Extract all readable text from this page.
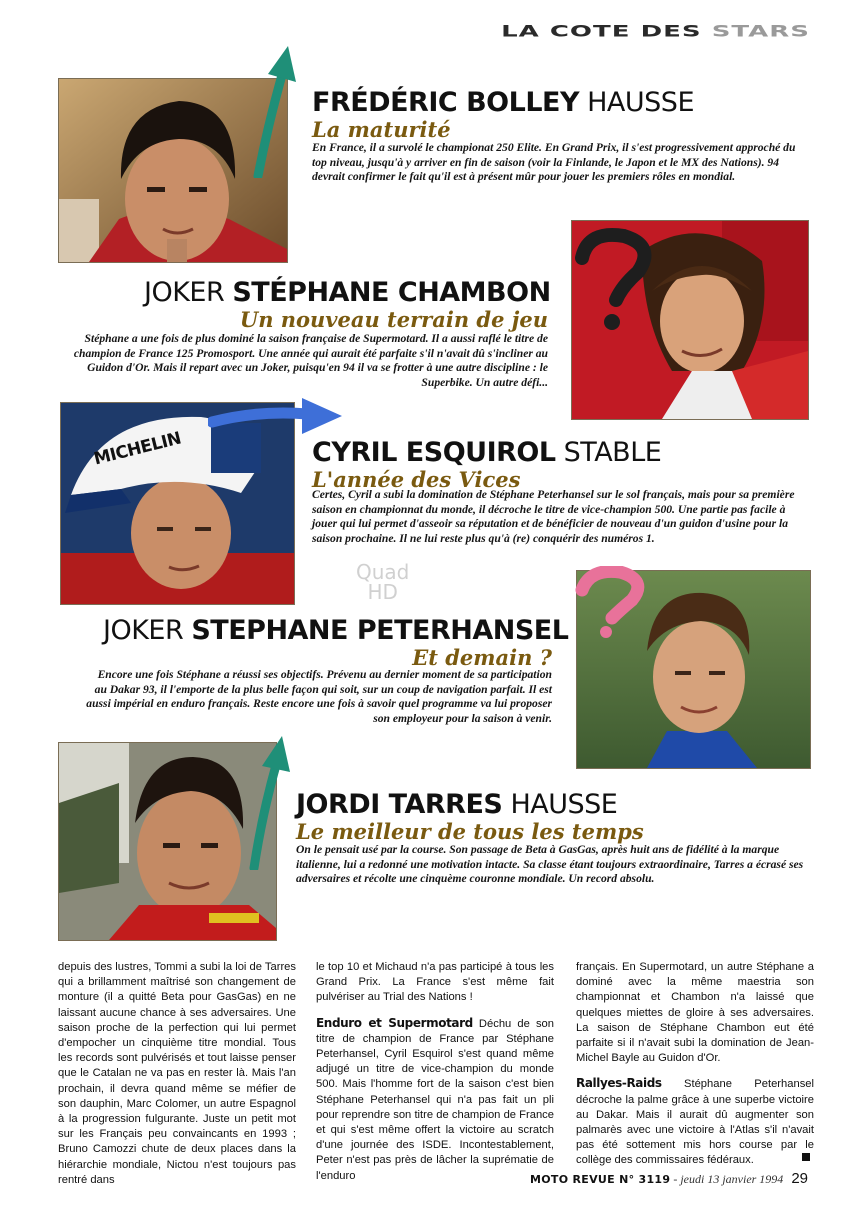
LA COTE DES STARS
FRÉDÉRIC BOLLEY HAUSSE
La maturité

En France, il a survolé le championat 250 Elite. En Grand Prix, il s'est progressivement approché du top niveau, jusqu'à y arriver en fin de saison (voir la Finlande, le Japon et le MX des Nations). 94 devrait confirmer le fait qu'il est à présent mûr pour jouer les premiers rôles en mondial.

JOKER STÉPHANE CHAMBON
Un nouveau terrain de jeu

Stéphane a une fois de plus dominé la saison française de Supermotard. Il a aussi raflé le titre de champion de France 125 Promosport. Une année qui aurait été parfaite s'il n'avait dû s'incliner au Guidon d'Or. Mais il repart avec un Joker, puisqu'en 94 il va se frotter à une autre discipline : le Superbike. Un autre défi...

MICHELIN	CYRIL ESQUIROL STABLE
L'année des Vices

Certes, Cyril a subi la domination de Stéphane Peterhansel sur le sol français, mais pour sa première saison en championnat du monde, il décroche le titre de vice-champion 500. Une partie pas facile à jouer qui lui permet d'asseoir sa réputation et de bénéficier de nouveau d'un guidon d'usine pour la saison prochaine. Il ne lui reste plus qu'à (re) conquérir des numéros 1.

Quad
HD
JOKER STEPHANE PETERHANSEL
Et demain ?

Encore une fois Stéphane a réussi ses objectifs. Prévenu au dernier moment de sa participation au Dakar 93, il l'emporte de la plus belle façon qui soit, sur un coup de navigation parfait. Il est aussi impérial en enduro français. Reste encore une fois à savoir quel programme va lui proposer son employeur pour la saison à venir.

JORDI TARRES HAUSSE
Le meilleur de tous les temps

On le pensait usé par la course. Son passage de Beta à GasGas, après huit ans de fidélité à la marque italienne, lui a redonné une motivation intacte. Sa classe étant toujours extraordinaire, Tarres a écrasé ses adversaires et récolte une cinquème couronne mondiale. Un record absolu.

depuis des lustres, Tommi a subi la loi de Tarres qui a brillamment maîtrisé son changement de monture (il a quitté Beta pour GasGas) en ne laissant aucune chance à ses adversaires. Une saison proche de la perfection qui lui permet d'empocher un cinquième titre mondial. Tous les records sont pulvérisés et tout laisse penser que le Catalan ne va pas en rester là. Mais l'an prochain, il devra quand même se méfier de son dauphin, Marc Colomer, un autre Espagnol à la progression fulgurante. Juste un petit mot sur les Français peu convaincants en 1993 ; Bruno Camozzi chute de deux places dans la hiérarchie mondiale, Nictou n'est toujours pas rentré dans

le top 10 et Michaud n'a pas participé à tous les Grand Prix. La France s'est même fait pulvériser au Trial des Nations !

Enduro et Supermotard Déchu de son titre de champion de France par Stéphane Peterhansel, Cyril Esquirol s'est quand même adjugé un titre de vice-champion du monde 500. Mais l'homme fort de la saison c'est bien Stéphane Peterhansel qui n'a pas fait un pli pour reprendre son titre de champion de France et qui s'est même offert la victoire au scratch d'une journée des ISDE. Incontestablement, Peter n'est pas près de lâcher la suprématie de l'enduro

français. En Supermotard, un autre Stéphane a dominé avec la même maestria son championnat et Chambon n'a laissé que quelques miettes de gloire à ses adversaires. La saison de Stéphane Chambon eut été parfaite si il n'avait subi la domination de Jean-Michel Bayle au Guidon d'Or.

Rallyes-Raids Stéphane Peterhansel décroche la palme grâce à une superbe victoire au Dakar. Mais il aurait dû augmenter son palmarès avec une victoire à l'Atlas s'il n'avait pas été sottement mis hors course par le collège des commissaires fédéraux.

MOTO REVUE N° 3119 - jeudi 13 janvier 1994 29
